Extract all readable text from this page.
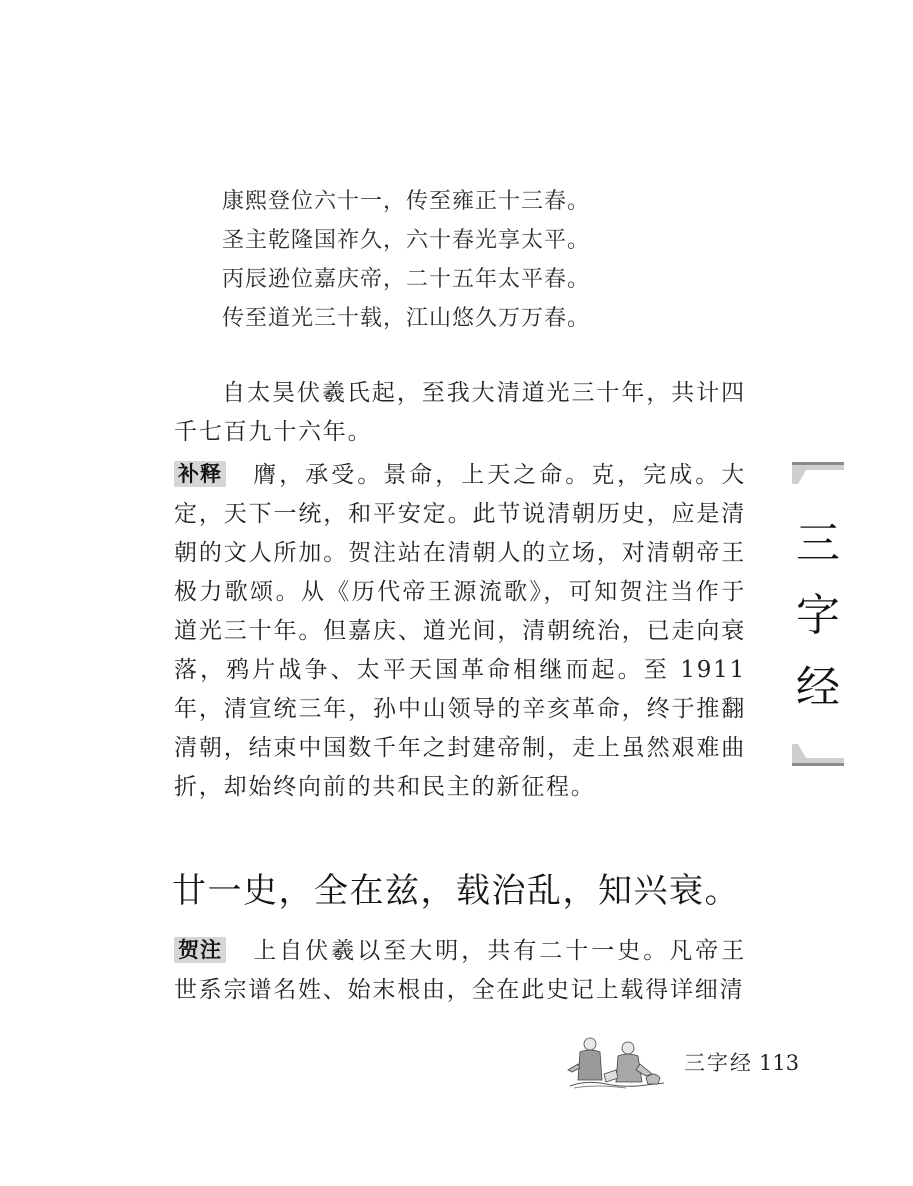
康熙登位六十一，传至雍正十三春。
圣主乾隆国祚久，六十春光享太平。
丙辰逊位嘉庆帝，二十五年太平春。
传至道光三十载，江山悠久万万春。
自太昊伏羲氏起，至我大清道光三十年，共计四千七百九十六年。
补释 膺，承受。景命，上天之命。克，完成。大定，天下一统，和平安定。此节说清朝历史，应是清朝的文人所加。贺注站在清朝人的立场，对清朝帝王极力歌颂。从《历代帝王源流歌》，可知贺注当作于道光三十年。但嘉庆、道光间，清朝统治，已走向衰落，鸦片战争、太平天国革命相继而起。至 1911 年，清宣统三年，孙中山领导的辛亥革命，终于推翻清朝，结束中国数千年之封建帝制，走上虽然艰难曲折，却始终向前的共和民主的新征程。
廿一史，全在兹，载治乱，知兴衰。
贺注 上自伏羲以至大明，共有二十一史。凡帝王世系宗谱名姓、始末根由，全在此史记上载得详细清
三
字
经
三字经 113
